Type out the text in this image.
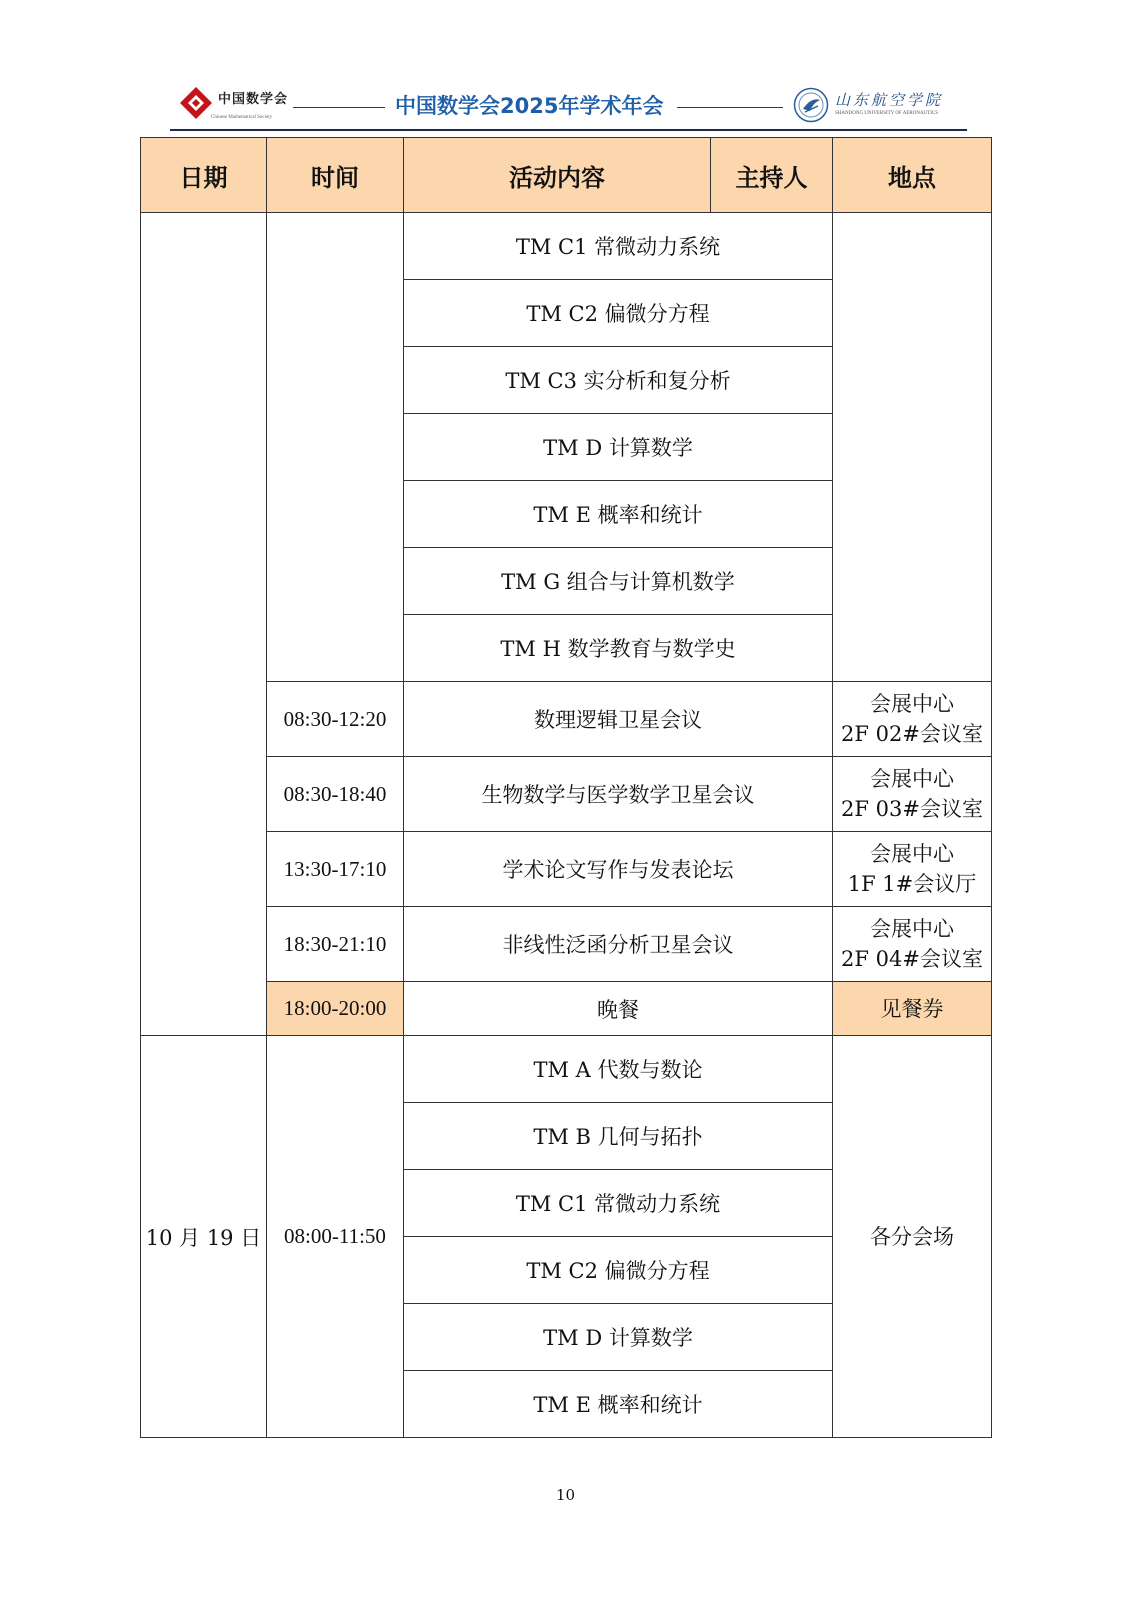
中国数学会
Chinese Mathematical Society	中国数学会2025年学术年会	山东航空学院
SHANDONG UNIVERSITY OF AERONAUTICS
日期	时间	活动内容	主持人	地点
		TM C1 常微动力系统		
		TM C2 偏微分方程		
		TM C3 实分析和复分析		
		TM D 计算数学		
		TM E 概率和统计		
		TM G 组合与计算机数学		
		TM H 数学教育与数学史		
	08:30-12:20	数理逻辑卫星会议		会展中心
2F 02#会议室

	08:30-18:40	生物数学与医学数学卫星会议		会展中心
2F 03#会议室

	13:30-17:10	学术论文写作与发表论坛		会展中心
1F 1#会议厅

	18:30-21:10	非线性泛函分析卫星会议		会展中心
2F 04#会议室

	18:00-20:00	晚餐		见餐券
10 月 19 日	08:00-11:50	TM A 代数与数论		各分会场
		TM B 几何与拓扑		
		TM C1 常微动力系统		
		TM C2 偏微分方程		
		TM D 计算数学		
		TM E 概率和统计		
10
